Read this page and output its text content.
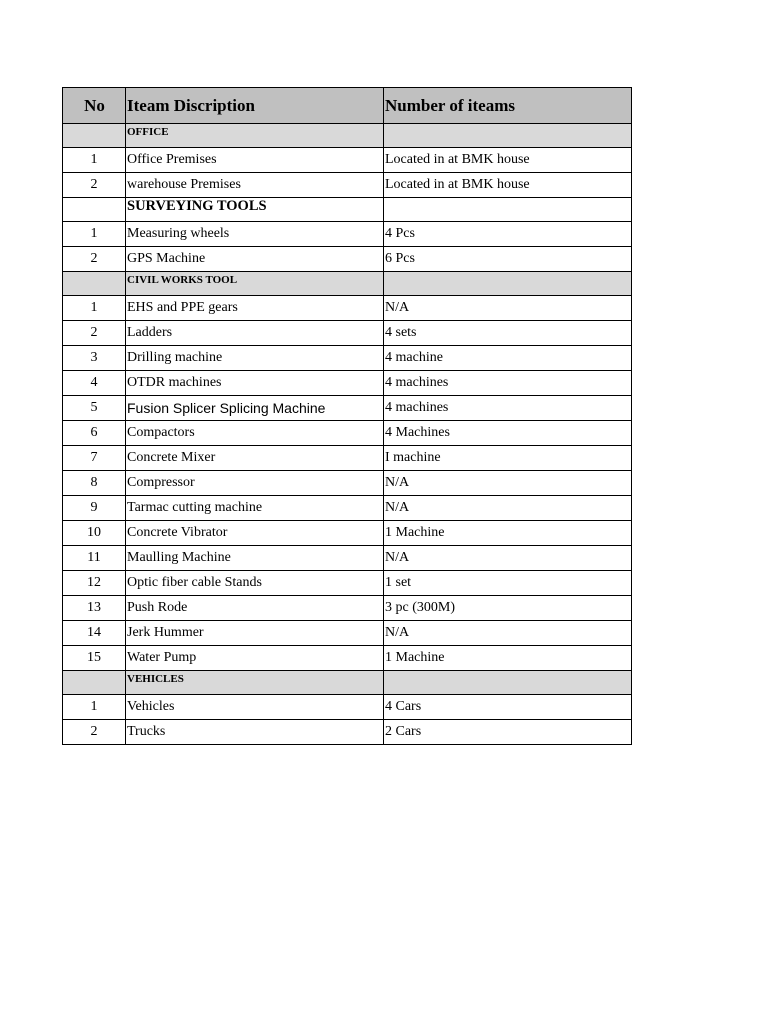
No	Iteam Discription	Number of iteams
	OFFICE	
1	Office Premises	Located in at BMK house
2	warehouse Premises	Located in at BMK house
	SURVEYING TOOLS	
1	Measuring wheels	4 Pcs
2	GPS Machine	6 Pcs
	CIVIL WORKS TOOL	
1	EHS and PPE gears	N/A
2	Ladders	4 sets
3	Drilling machine	4 machine
4	OTDR machines	4 machines
5	Fusion Splicer Splicing Machine	4 machines
6	Compactors	4 Machines
7	Concrete Mixer	I machine
8	Compressor	N/A
9	Tarmac cutting machine	N/A
10	Concrete Vibrator	1 Machine
11	Maulling Machine	N/A
12	Optic fiber cable Stands	1 set
13	Push Rode	3 pc (300M)
14	Jerk Hummer	N/A
15	Water Pump	1 Machine
	VEHICLES	
1	Vehicles	4 Cars
2	Trucks	2 Cars
